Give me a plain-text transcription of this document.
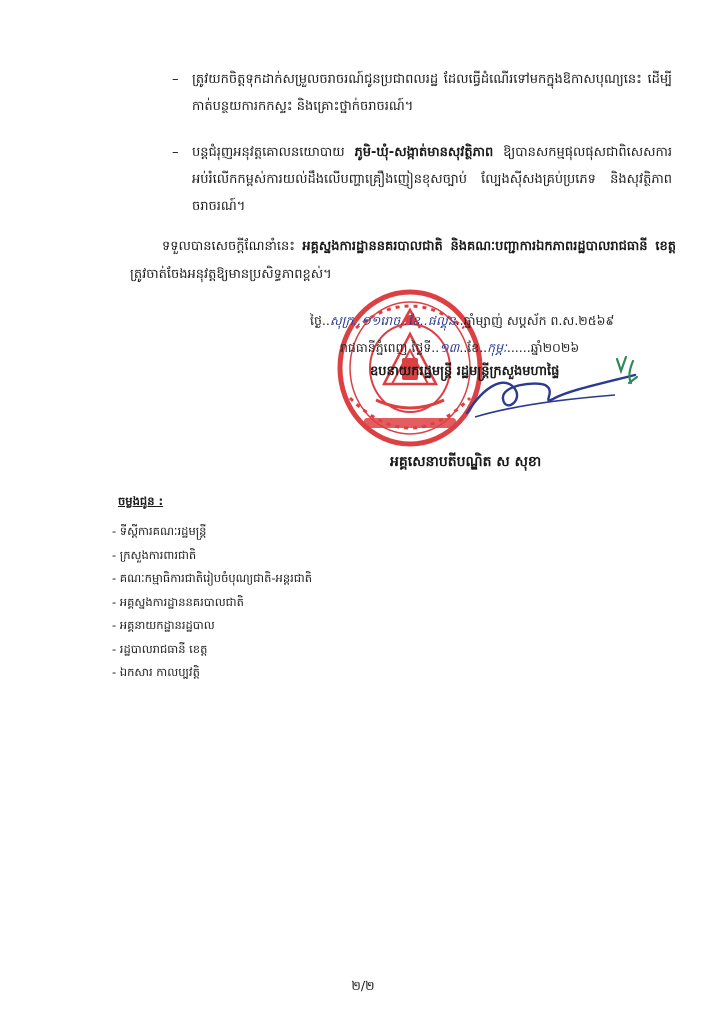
– ត្រូវយកចិត្តទុកដាក់សម្រួលចរាចរណ៍ជូនប្រជាពលរដ្ឋ ដែលធ្វើដំណើរទៅមកក្នុងឱកាសបុណ្យនេះ ដើម្បីកាត់បន្ថយការកកស្ទះ និងគ្រោះថ្នាក់ចរាចរណ៍។
– បន្តជំរុញអនុវត្តគោលនយោបាយ ភូមិ-ឃុំ-សង្កាត់មានសុវត្ថិភាព ឱ្យបានសកម្មផុលផុសជាពិសេសការអប់រំលើកកម្ពស់ការយល់ដឹងលើបញ្ហាគ្រឿងញៀនខុសច្បាប់ ល្បែងស៊ីសងគ្រប់ប្រភេទ និងសុវត្ថិភាពចរាចរណ៍។
ទទួលបានសេចក្តីណែនាំនេះ អគ្គស្នងការដ្ឋាននគរបាលជាតិ និងគណៈបញ្ជាការឯកភាពរដ្ឋបាលរាជធានី ខេត្ត ត្រូវចាត់ចែងអនុវត្តឱ្យមានប្រសិទ្ធភាពខ្ពស់។
ថ្ងៃ..សុក្រ..១១រោច..ខែ..ផល្គុន..ឆ្នាំម្សាញ់ សប្តស័ក ព.ស.២៥៦៩
រាជធានីភ្នំពេញ ថ្ងៃទី..១៣..ខែ..កុម្ភៈ......ឆ្នាំ២០២៦
ឧបនាយករដ្ឋមន្ត្រី រដ្ឋមន្ត្រីក្រសួងមហាផ្ទៃ
អគ្គសេនាបតីបណ្ឌិត ស សុខា
ចម្លងជូន :
- ទីស្តីការគណៈរដ្ឋមន្ត្រី
- ក្រសួងការពារជាតិ
- គណៈកម្មាធិការជាតិរៀបចំបុណ្យជាតិ-អន្តរជាតិ
- អគ្គស្នងការដ្ឋាននគរបាលជាតិ
- អគ្គនាយកដ្ឋានរដ្ឋបាល
- រដ្ឋបាលរាជធានី ខេត្ត
- ឯកសារ កាលប្បវត្តិ
២/២
